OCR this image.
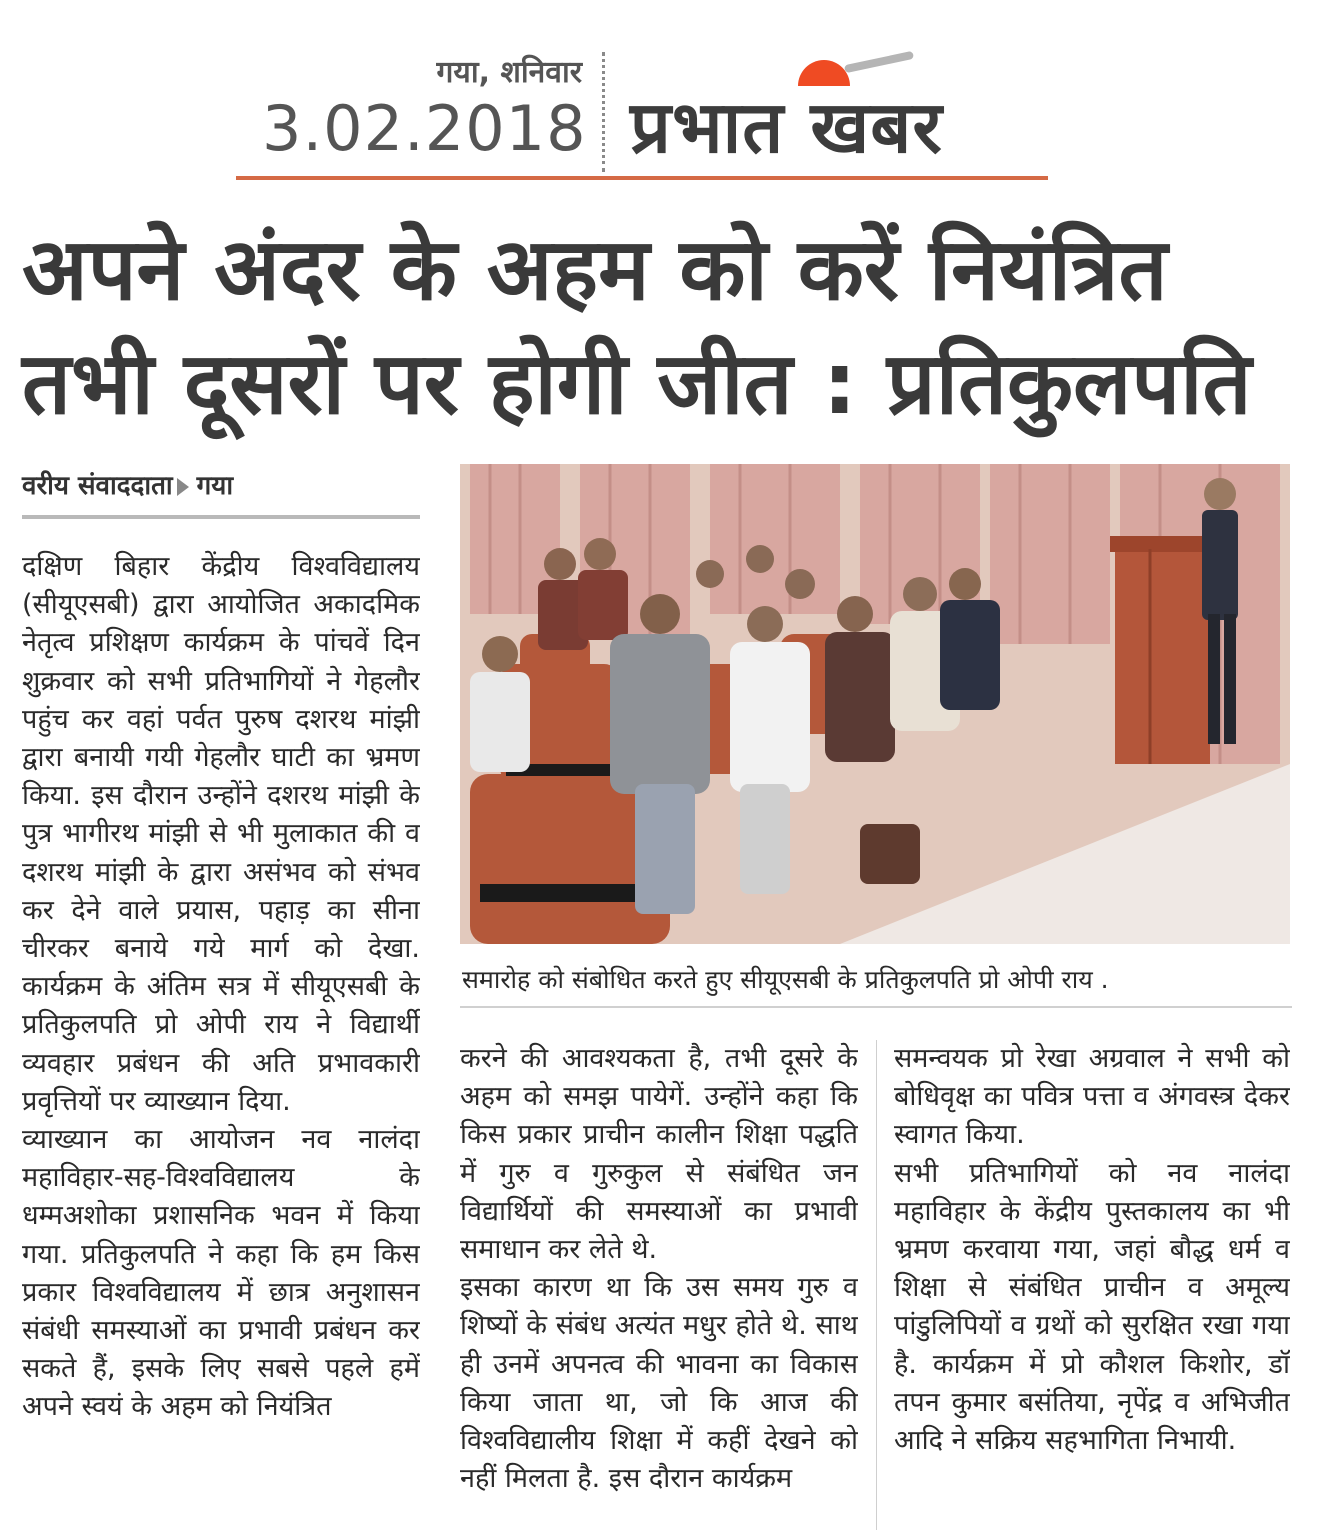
गया, शनिवार
3.02.2018 प्रभात खबर
अपने अंदर के अहम को करें नियंत्रित
तभी दूसरों पर होगी जीत : प्रतिकुलपति
वरीय संवाददाता गया

दक्षिण बिहार केंद्रीय विश्वविद्यालय (सीयूएसबी) द्वारा आयोजित अकादमिक नेतृत्व प्रशिक्षण कार्यक्रम के पांचवें दिन शुक्रवार को सभी प्रतिभागियों ने गेहलौर पहुंच कर वहां पर्वत पुरुष दशरथ मांझी द्वारा बनायी गयी गेहलौर घाटी का भ्रमण किया. इस दौरान उन्होंने दशरथ मांझी के पुत्र भागीरथ मांझी से भी मुलाकात की व दशरथ मांझी के द्वारा असंभव को संभव कर देने वाले प्रयास, पहाड़ का सीना चीरकर बनाये गये मार्ग को देखा. कार्यक्रम के अंतिम सत्र में सीयूएसबी के प्रतिकुलपति प्रो ओपी राय ने विद्यार्थी व्यवहार प्रबंधन की अति प्रभावकारी प्रवृत्तियों पर व्याख्यान दिया.

व्याख्यान का आयोजन नव नालंदा महाविहार-सह-विश्वविद्यालय के धम्मअशोका प्रशासनिक भवन में किया गया. प्रतिकुलपति ने कहा कि हम किस प्रकार विश्वविद्यालय में छात्र अनुशासन संबंधी समस्याओं का प्रभावी प्रबंधन कर सकते हैं, इसके लिए सबसे पहले हमें अपने स्वयं के अहम को नियंत्रित

समारोह को संबोधित करते हुए सीयूएसबी के प्रतिकुलपति प्रो ओपी राय .

करने की आवश्यकता है, तभी दूसरे के अहम को समझ पायेगें. उन्होंने कहा कि किस प्रकार प्राचीन कालीन शिक्षा पद्धति में गुरु व गुरुकुल से संबंधित जन विद्यार्थियों की समस्याओं का प्रभावी समाधान कर लेते थे.

इसका कारण था कि उस समय गुरु व शिष्यों के संबंध अत्यंत मधुर होते थे. साथ ही उनमें अपनत्व की भावना का विकास किया जाता था, जो कि आज की विश्वविद्यालीय शिक्षा में कहीं देखने को नहीं मिलता है. इस दौरान कार्यक्रम

समन्वयक प्रो रेखा अग्रवाल ने सभी को बोधिवृक्ष का पवित्र पत्ता व अंगवस्त्र देकर स्वागत किया.

सभी प्रतिभागियों को नव नालंदा महाविहार के केंद्रीय पुस्तकालय का भी भ्रमण करवाया गया, जहां बौद्ध धर्म व शिक्षा से संबंधित प्राचीन व अमूल्य पांडुलिपियों व ग्रथों को सुरक्षित रखा गया है. कार्यक्रम में प्रो कौशल किशोर, डॉ तपन कुमार बसंतिया, नृपेंद्र व अभिजीत आदि ने सक्रिय सहभागिता निभायी.
